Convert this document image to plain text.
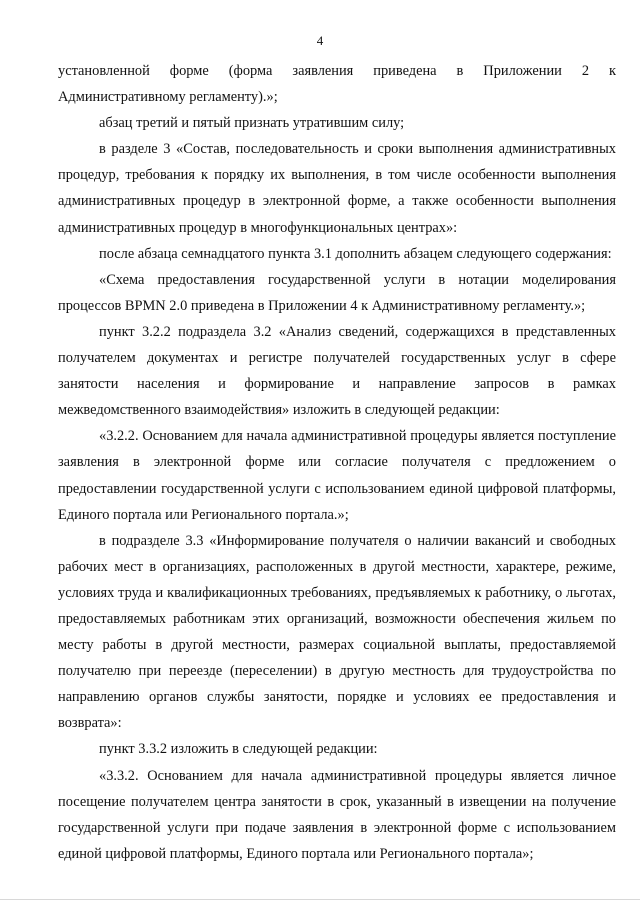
4

установленной форме (форма заявления приведена в Приложении 2 к Административному регламенту).»;

абзац третий и пятый признать утратившим силу;

в разделе 3 «Состав, последовательность и сроки выполнения административных процедур, требования к порядку их выполнения, в том числе особенности выполнения административных процедур в электронной форме, а также особенности выполнения административных процедур в многофункциональных центрах»:

после абзаца семнадцатого пункта 3.1 дополнить абзацем следующего содержания:

«Схема предоставления государственной услуги в нотации моделирования процессов BPMN 2.0 приведена в Приложении 4 к Административному регламенту.»;

пункт 3.2.2 подраздела 3.2 «Анализ сведений, содержащихся в представленных получателем документах и регистре получателей государственных услуг в сфере занятости населения и формирование и направление запросов в рамках межведомственного взаимодействия» изложить в следующей редакции:

«3.2.2. Основанием для начала административной процедуры является поступление заявления в электронной форме или согласие получателя с предложением о предоставлении государственной услуги с использованием единой цифровой платформы, Единого портала или Регионального портала.»;

в подразделе 3.3 «Информирование получателя о наличии вакансий и свободных рабочих мест в организациях, расположенных в другой местности, характере, режиме, условиях труда и квалификационных требованиях, предъявляемых к работнику, о льготах, предоставляемых работникам этих организаций, возможности обеспечения жильем по месту работы в другой местности, размерах социальной выплаты, предоставляемой получателю при переезде (переселении) в другую местность для трудоустройства по направлению органов службы занятости, порядке и условиях ее предоставления и возврата»:

пункт 3.3.2 изложить в следующей редакции:

«3.3.2. Основанием для начала административной процедуры является личное посещение получателем центра занятости в срок, указанный в извещении на получение государственной услуги при подаче заявления в электронной форме с использованием единой цифровой платформы, Единого портала или Регионального портала»;
